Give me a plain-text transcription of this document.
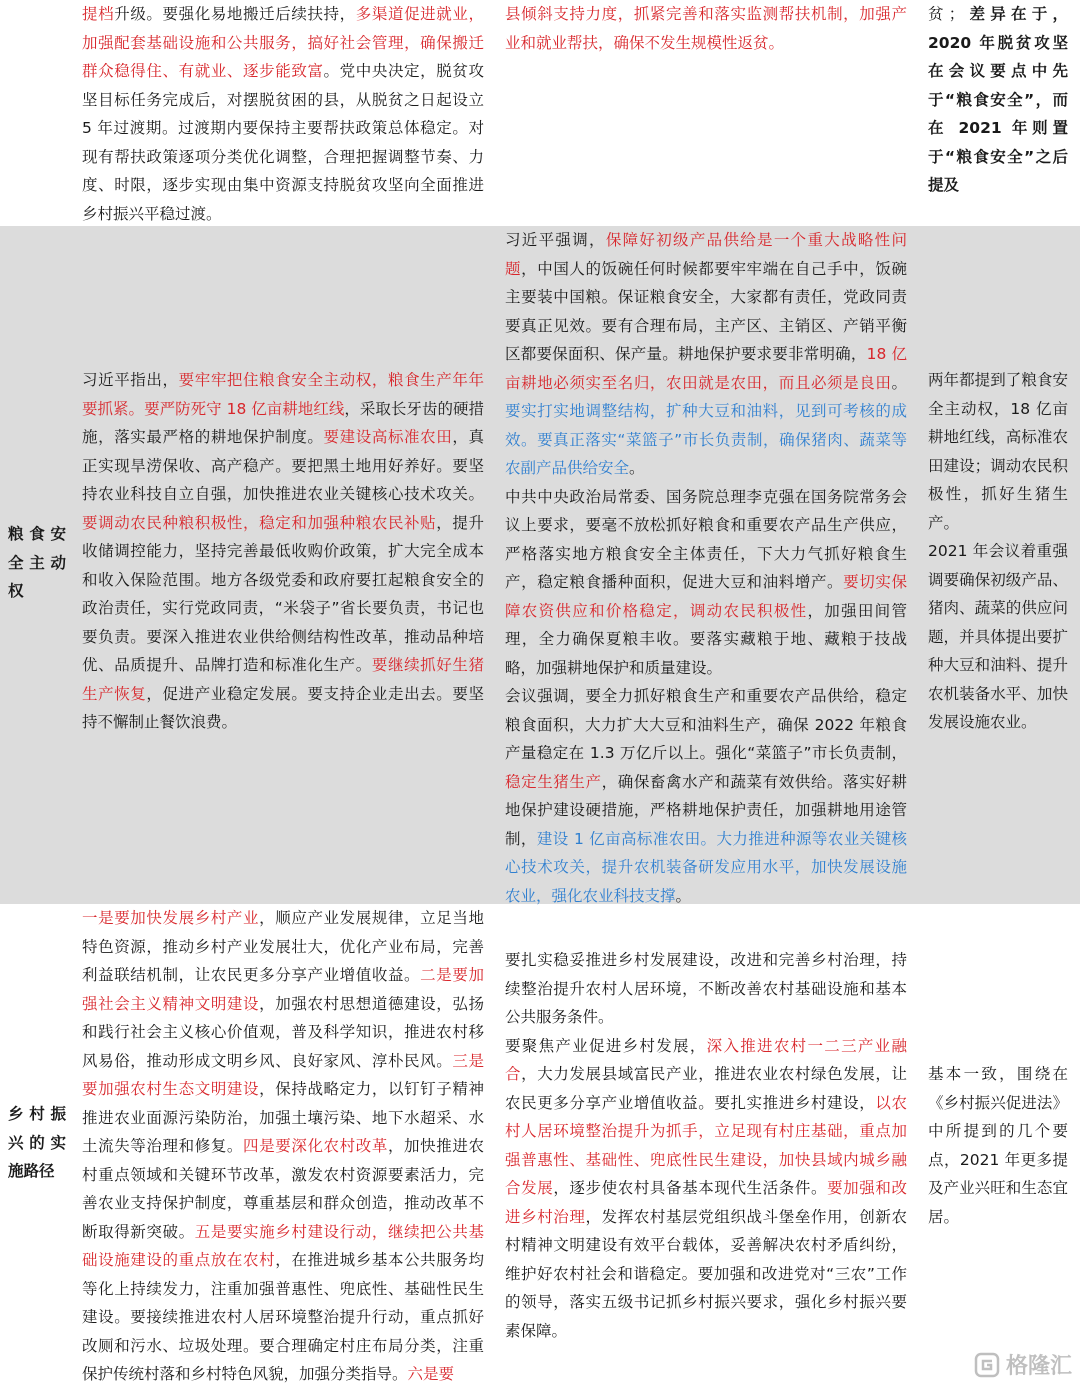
提档升级。要强化易地搬迁后续扶持，多渠道促进就业，加强配套基础设施和公共服务，搞好社会管理，确保搬迁群众稳得住、有就业、逐步能致富。党中央决定，脱贫攻坚目标任务完成后，对摆脱贫困的县，从脱贫之日起设立 5 年过渡期。过渡期内要保持主要帮扶政策总体稳定。对现有帮扶政策逐项分类优化调整，合理把握调整节奏、力度、时限，逐步实现由集中资源支持脱贫攻坚向全面推进乡村振兴平稳过渡。
县倾斜支持力度，抓紧完善和落实监测帮扶机制，加强产业和就业帮扶，确保不发生规模性返贫。
贫；差异在于，2020 年脱贫攻坚在会议要点中先于“粮食安全”，而在 2021 年则置于“粮食安全”之后提及
粮食安全主动权
习近平指出，要牢牢把住粮食安全主动权，粮食生产年年要抓紧。要严防死守 18 亿亩耕地红线，采取长牙齿的硬措施，落实最严格的耕地保护制度。要建设高标准农田，真正实现旱涝保收、高产稳产。要把黑土地用好养好。要坚持农业科技自立自强，加快推进农业关键核心技术攻关。要调动农民种粮积极性，稳定和加强种粮农民补贴，提升收储调控能力，坚持完善最低收购价政策，扩大完全成本和收入保险范围。地方各级党委和政府要扛起粮食安全的政治责任，实行党政同责，“米袋子”省长要负责，书记也要负责。要深入推进农业供给侧结构性改革，推动品种培优、品质提升、品牌打造和标准化生产。要继续抓好生猪生产恢复，促进产业稳定发展。要支持企业走出去。要坚持不懈制止餐饮浪费。
习近平强调，保障好初级产品供给是一个重大战略性问题，中国人的饭碗任何时候都要牢牢端在自己手中，饭碗主要装中国粮。保证粮食安全，大家都有责任，党政同责要真正见效。要有合理布局，主产区、主销区、产销平衡区都要保面积、保产量。耕地保护要求要非常明确，18 亿亩耕地必须实至名归，农田就是农田，而且必须是良田。要实打实地调整结构，扩种大豆和油料，见到可考核的成效。要真正落实“菜篮子”市长负责制，确保猪肉、蔬菜等农副产品供给安全。
中共中央政治局常委、国务院总理李克强在国务院常务会议上要求，要毫不放松抓好粮食和重要农产品生产供应，严格落实地方粮食安全主体责任，下大力气抓好粮食生产，稳定粮食播种面积，促进大豆和油料增产。要切实保障农资供应和价格稳定，调动农民积极性，加强田间管理，全力确保夏粮丰收。要落实藏粮于地、藏粮于技战略，加强耕地保护和质量建设。
会议强调，要全力抓好粮食生产和重要农产品供给，稳定粮食面积，大力扩大大豆和油料生产，确保 2022 年粮食产量稳定在 1.3 万亿斤以上。强化“菜篮子”市长负责制，稳定生猪生产，确保畜禽水产和蔬菜有效供给。落实好耕地保护建设硬措施，严格耕地保护责任，加强耕地用途管制，建设 1 亿亩高标准农田。大力推进种源等农业关键核心技术攻关，提升农机装备研发应用水平，加快发展设施农业，强化农业科技支撑。
两年都提到了粮食安全主动权，18 亿亩耕地红线，高标准农田建设；调动农民积极性，抓好生猪生产。
2021 年会议着重强调要确保初级产品、猪肉、蔬菜的供应问题，并具体提出要扩种大豆和油料、提升农机装备水平、加快发展设施农业。
乡村振兴的实施路径
一是要加快发展乡村产业，顺应产业发展规律，立足当地特色资源，推动乡村产业发展壮大，优化产业布局，完善利益联结机制，让农民更多分享产业增值收益。二是要加强社会主义精神文明建设，加强农村思想道德建设，弘扬和践行社会主义核心价值观，普及科学知识，推进农村移风易俗，推动形成文明乡风、良好家风、淳朴民风。三是要加强农村生态文明建设，保持战略定力，以钉钉子精神推进农业面源污染防治，加强土壤污染、地下水超采、水土流失等治理和修复。四是要深化农村改革，加快推进农村重点领域和关键环节改革，激发农村资源要素活力，完善农业支持保护制度，尊重基层和群众创造，推动改革不断取得新突破。五是要实施乡村建设行动，继续把公共基础设施建设的重点放在农村，在推进城乡基本公共服务均等化上持续发力，注重加强普惠性、兜底性、基础性民生建设。要接续推进农村人居环境整治提升行动，重点抓好改厕和污水、垃圾处理。要合理确定村庄布局分类，注重保护传统村落和乡村特色风貌，加强分类指导。六是要
要扎实稳妥推进乡村发展建设，改进和完善乡村治理，持续整治提升农村人居环境，不断改善农村基础设施和基本公共服务条件。
要聚焦产业促进乡村发展，深入推进农村一二三产业融合，大力发展县域富民产业，推进农业农村绿色发展，让农民更多分享产业增值收益。要扎实推进乡村建设，以农村人居环境整治提升为抓手，立足现有村庄基础，重点加强普惠性、基础性、兜底性民生建设，加快县域内城乡融合发展，逐步使农村具备基本现代生活条件。要加强和改进乡村治理，发挥农村基层党组织战斗堡垒作用，创新农村精神文明建设有效平台载体，妥善解决农村矛盾纠纷，维护好农村社会和谐稳定。要加强和改进党对“三农”工作的领导，落实五级书记抓乡村振兴要求，强化乡村振兴要素保障。
基本一致，围绕在《乡村振兴促进法》中所提到的几个要点，2021 年更多提及产业兴旺和生态宜居。
格隆汇
